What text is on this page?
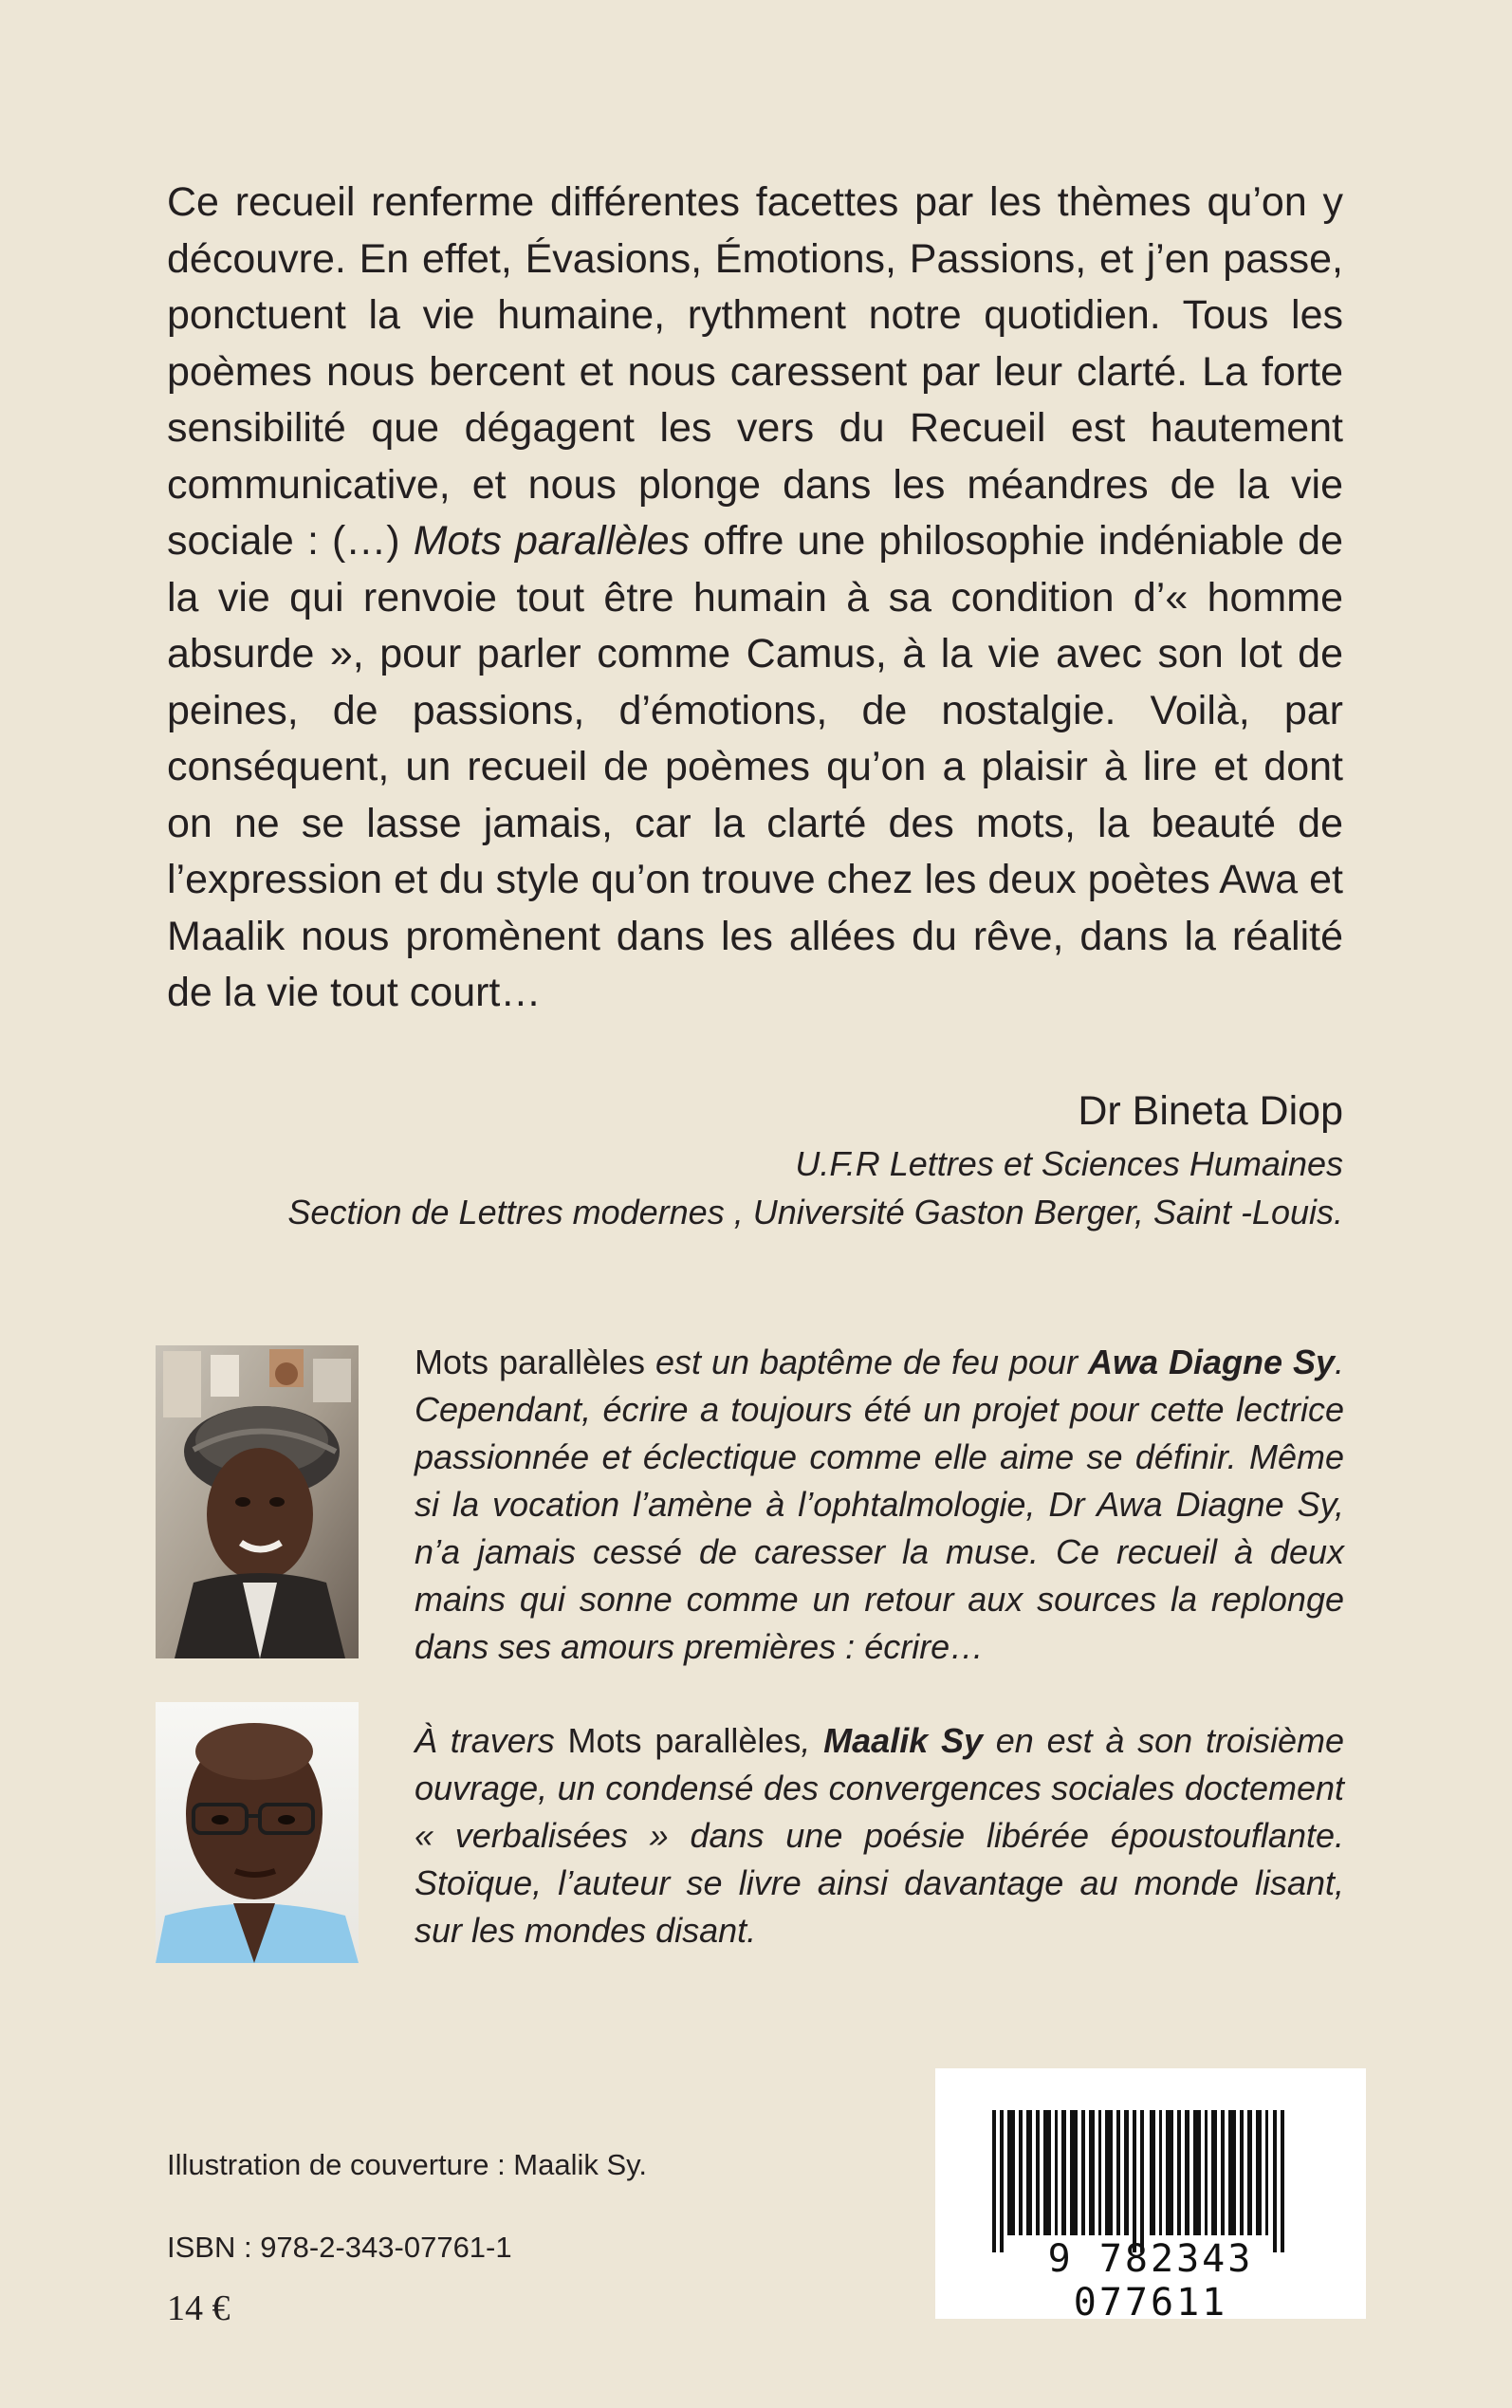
Ce recueil renferme différentes facettes par les thèmes qu’on y découvre. En effet, Évasions, Émotions, Passions, et j’en passe, ponctuent la vie humaine, rythment notre quotidien. Tous les poèmes nous bercent et nous caressent par leur clarté. La forte sensibilité que dégagent les vers du Recueil est hautement communicative, et nous plonge dans les méandres de la vie sociale : (…) Mots parallèles offre une philosophie indéniable de la vie qui renvoie tout être humain à sa condition d’« homme absurde », pour parler comme Camus, à la vie avec son lot de peines, de passions, d’émotions, de nostalgie. Voilà, par conséquent, un recueil de poèmes qu’on a plaisir à lire et dont on ne se lasse jamais, car la clarté des mots, la beauté de l’expression et du style qu’on trouve chez les deux poètes Awa et Maalik nous promènent dans les allées du rêve, dans la réalité de la vie tout court…

Dr Bineta Diop
U.F.R Lettres et Sciences Humaines
Section de Lettres modernes , Université Gaston Berger, Saint -Louis.

Mots parallèles est un baptême de feu pour Awa Diagne Sy. Cependant, écrire a toujours été un projet pour cette lectrice passionnée et éclectique comme elle aime se définir. Même si la vocation l’amène à l’ophtalmologie, Dr Awa Diagne Sy, n’a jamais cessé de caresser la muse. Ce recueil à deux mains qui sonne comme un retour aux sources la replonge dans ses amours premières : écrire…

À travers Mots parallèles, Maalik Sy en est à son troisième ouvrage, un condensé des convergences sociales doctement « verbalisées » dans une poésie libérée époustouflante. Stoïque, l’auteur se livre ainsi davantage au monde lisant, sur les mondes disant.

Illustration de couverture : Maalik Sy.

ISBN : 978-2-343-07761-1

14 €

9 782343 077611
